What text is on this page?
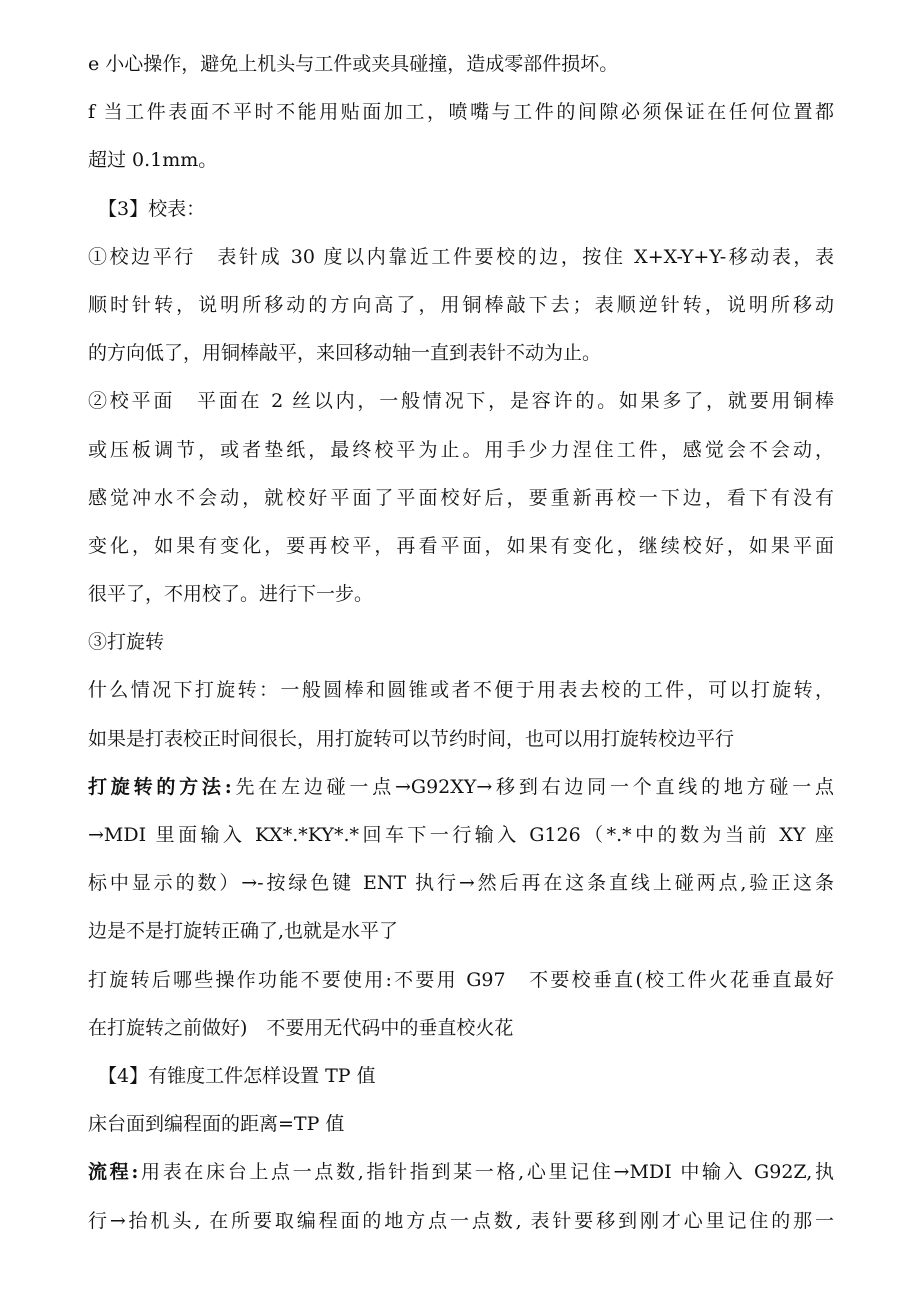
e 小心操作，避免上机头与工件或夹具碰撞，造成零部件损坏。
f 当工件表面不平时不能用贴面加工，喷嘴与工件的间隙必须保证在任何位置都
超过 0.1mm。
【3】校表：
①校边平行　表针成 30 度以内靠近工件要校的边，按住 X+X-Y+Y-移动表，表
顺时针转，说明所移动的方向高了，用铜棒敲下去；表顺逆针转，说明所移动
的方向低了，用铜棒敲平，来回移动轴一直到表针不动为止。
②校平面　平面在 2 丝以内，一般情况下，是容许的。如果多了，就要用铜棒
或压板调节，或者垫纸，最终校平为止。用手少力涅住工件，感觉会不会动，
感觉冲水不会动，就校好平面了平面校好后，要重新再校一下边，看下有没有
变化，如果有变化，要再校平，再看平面，如果有变化，继续校好，如果平面
很平了，不用校了。进行下一步。
③打旋转
什么情况下打旋转：一般圆棒和圆锥或者不便于用表去校的工件，可以打旋转，
如果是打表校正时间很长，用打旋转可以节约时间，也可以用打旋转校边平行
打旋转的方法:先在左边碰一点→G92XY→移到右边同一个直线的地方碰一点
→MDI 里面输入 KX*.*KY*.*回车下一行输入 G126（*.*中的数为当前 XY 座
标中显示的数）→-按绿色键 ENT 执行→然后再在这条直线上碰两点,验正这条
边是不是打旋转正确了,也就是水平了
打旋转后哪些操作功能不要使用:不要用 G97　不要校垂直(校工件火花垂直最好
在打旋转之前做好)　不要用无代码中的垂直校火花
【4】有锥度工件怎样设置 TP 值
床台面到编程面的距离=TP 值
流程:用表在床台上点一点数,指针指到某一格,心里记住→MDI 中输入 G92Z,执
行→抬机头, 在所要取编程面的地方点一点数, 表针要移到刚才心里记住的那一
